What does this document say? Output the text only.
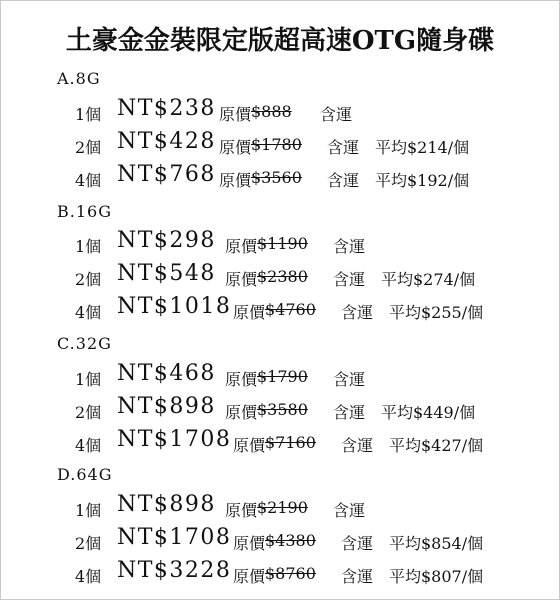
土豪金金裝限定版超高速OTG隨身碟
A.8G
1個 NT$238 原價 $888 含運
2個 NT$428 原價 $1780 含運 平均$214/個
4個 NT$768 原價 $3560 含運 平均$192/個
B.16G
1個 NT$298 原價 $1190 含運
2個 NT$548 原價 $2380 含運 平均$274/個
4個 NT$1018 原價 $4760 含運 平均$255/個
C.32G
1個 NT$468 原價 $1790 含運
2個 NT$898 原價 $3580 含運 平均$449/個
4個 NT$1708 原價 $7160 含運 平均$427/個
D.64G
1個 NT$898 原價 $2190 含運
2個 NT$1708 原價 $4380 含運 平均$854/個
4個 NT$3228 原價 $8760 含運 平均$807/個
